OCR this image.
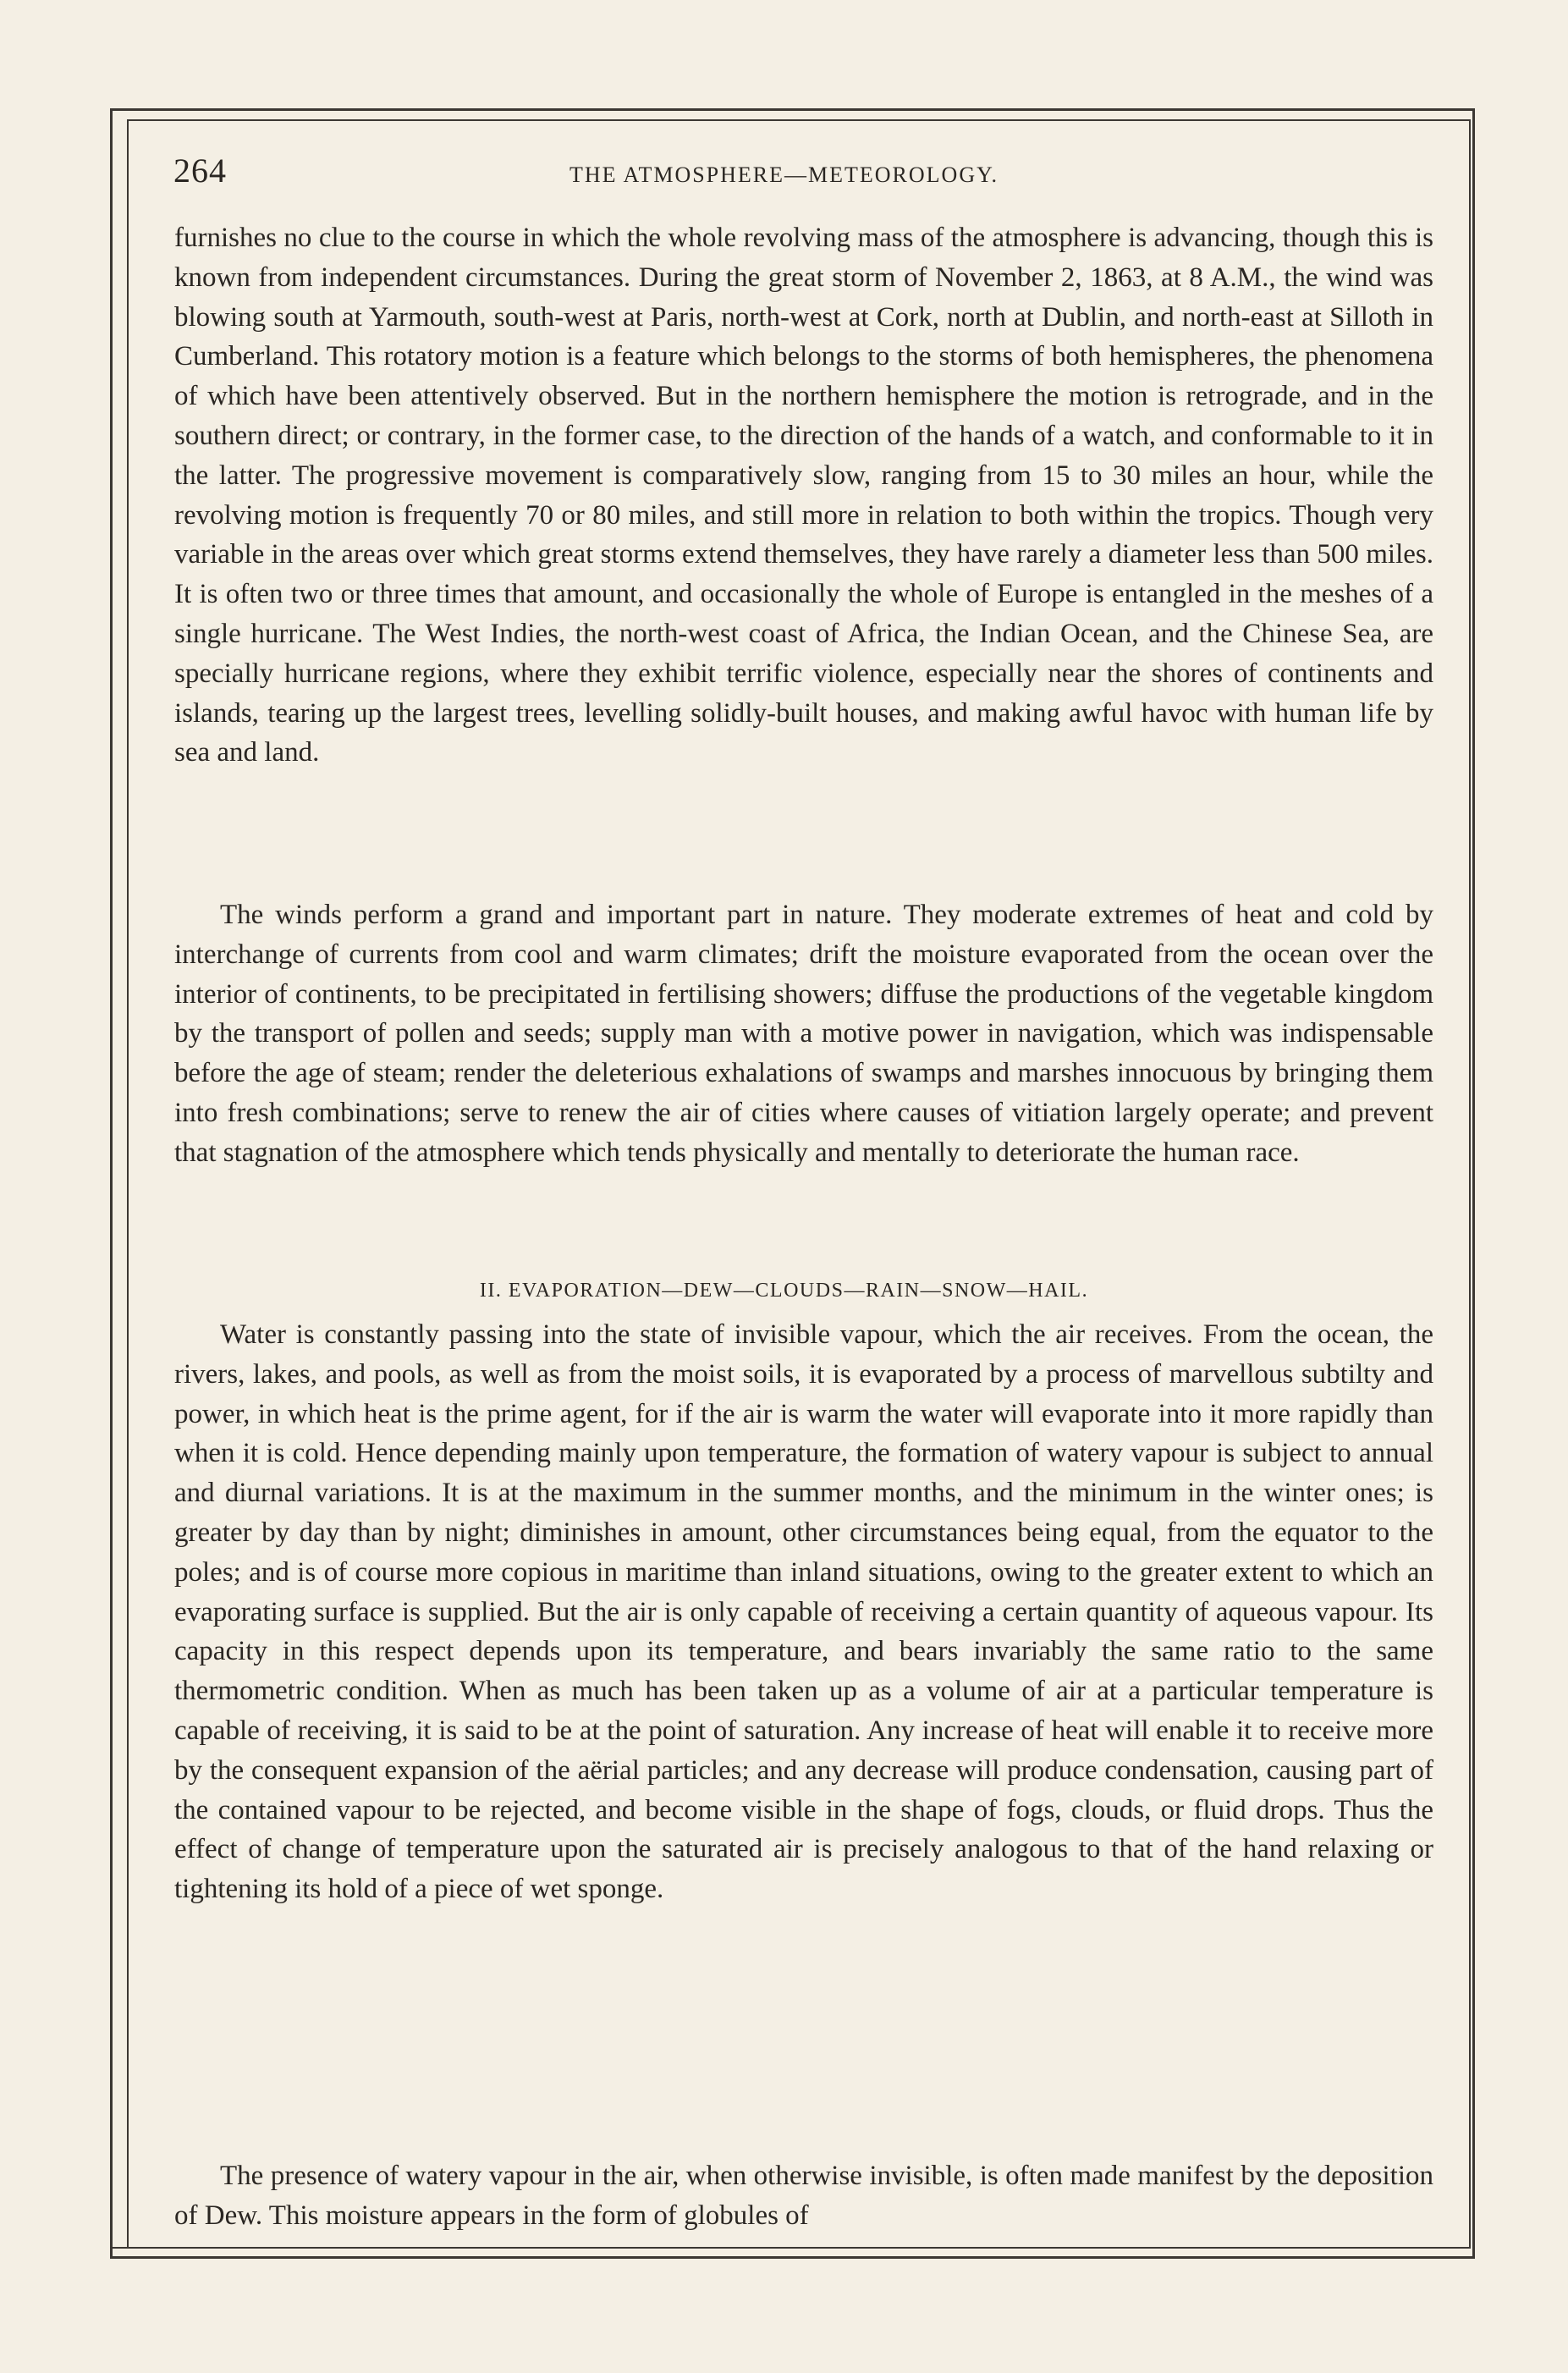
264	THE ATMOSPHERE—METEOROLOGY.

furnishes no clue to the course in which the whole revolving mass of the atmosphere is advancing, though this is known from independent circumstances. During the great storm of November 2, 1863, at 8 A.M., the wind was blowing south at Yarmouth, south-west at Paris, north-west at Cork, north at Dublin, and north-east at Silloth in Cumberland. This rotatory motion is a feature which belongs to the storms of both hemispheres, the phenomena of which have been attentively observed. But in the northern hemisphere the motion is retrograde, and in the southern direct; or contrary, in the former case, to the direction of the hands of a watch, and conformable to it in the latter. The progressive movement is comparatively slow, ranging from 15 to 30 miles an hour, while the revolving motion is frequently 70 or 80 miles, and still more in relation to both within the tropics. Though very variable in the areas over which great storms extend themselves, they have rarely a diameter less than 500 miles. It is often two or three times that amount, and occasionally the whole of Europe is entangled in the meshes of a single hurricane. The West Indies, the north-west coast of Africa, the Indian Ocean, and the Chinese Sea, are specially hurricane regions, where they exhibit terrific violence, especially near the shores of continents and islands, tearing up the largest trees, levelling solidly-built houses, and making awful havoc with human life by sea and land.

The winds perform a grand and important part in nature. They moderate extremes of heat and cold by interchange of currents from cool and warm climates; drift the moisture evaporated from the ocean over the interior of continents, to be precipitated in fertilising showers; diffuse the productions of the vegetable kingdom by the transport of pollen and seeds; supply man with a motive power in navigation, which was indispensable before the age of steam; render the deleterious exhalations of swamps and marshes innocuous by bringing them into fresh combinations; serve to renew the air of cities where causes of vitiation largely operate; and prevent that stagnation of the atmosphere which tends physically and mentally to deteriorate the human race.

II. EVAPORATION—DEW—CLOUDS—RAIN—SNOW—HAIL.

Water is constantly passing into the state of invisible vapour, which the air receives. From the ocean, the rivers, lakes, and pools, as well as from the moist soils, it is evaporated by a process of marvellous subtilty and power, in which heat is the prime agent, for if the air is warm the water will evaporate into it more rapidly than when it is cold. Hence depending mainly upon temperature, the formation of watery vapour is subject to annual and diurnal variations. It is at the maximum in the summer months, and the minimum in the winter ones; is greater by day than by night; diminishes in amount, other circumstances being equal, from the equator to the poles; and is of course more copious in maritime than inland situations, owing to the greater extent to which an evaporating surface is supplied. But the air is only capable of receiving a certain quantity of aqueous vapour. Its capacity in this respect depends upon its temperature, and bears invariably the same ratio to the same thermometric condition. When as much has been taken up as a volume of air at a particular temperature is capable of receiving, it is said to be at the point of saturation. Any increase of heat will enable it to receive more by the consequent expansion of the aërial particles; and any decrease will produce condensation, causing part of the contained vapour to be rejected, and become visible in the shape of fogs, clouds, or fluid drops. Thus the effect of change of temperature upon the saturated air is precisely analogous to that of the hand relaxing or tightening its hold of a piece of wet sponge.

The presence of watery vapour in the air, when otherwise invisible, is often made manifest by the deposition of Dew. This moisture appears in the form of globules of
